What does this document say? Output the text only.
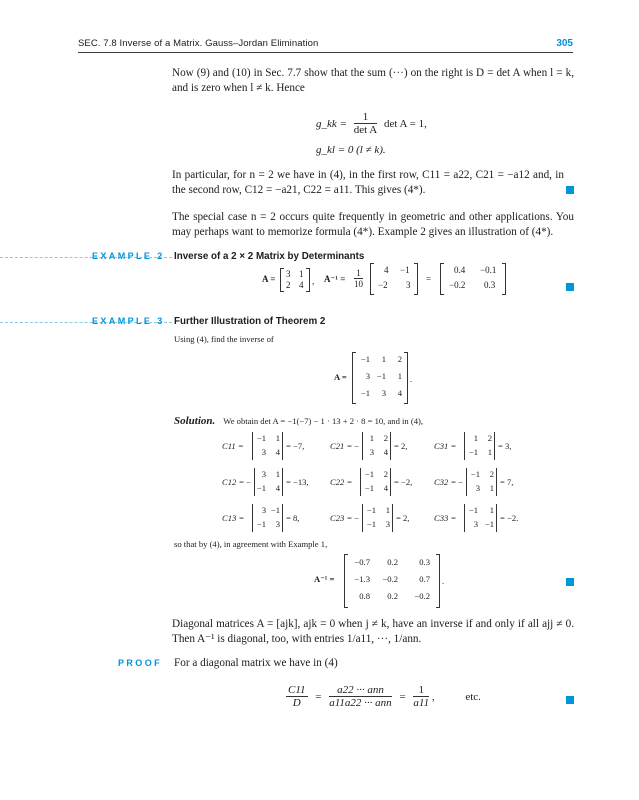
SEC. 7.8 Inverse of a Matrix. Gauss–Jordan Elimination	305
Now (9) and (10) in Sec. 7.7 show that the sum (···) on the right is D = det A when l = k, and is zero when l ≠ k. Hence
g_kk = $\frac{1}{\text{det A}}$ det A = 1,
g_kl = 0 (l ≠ k).
In particular, for n = 2 we have in (4), in the first row, C11 = a22, C21 = −a12 and, in the second row, C12 = −a21, C22 = a11. This gives (4*).
The special case n = 2 occurs quite frequently in geometric and other applications. You may perhaps want to memorize formula (4*). Example 2 gives an illustration of (4*).
EXAMPLE 2 Inverse of a 2 × 2 Matrix by Determinants
A = 3 1
2 4 , $A^{-1} = \frac{1}{10} 4 -1$
−2 3
=
0.4 −0.1
−0.2 0.3
EXAMPLE 3 Further Illustration of Theorem 2
Using (4), find the inverse of
A =
−1	1	2
3 −1	1
−1	3	4
.
Solution. We obtain det A = −1(−7) − 1 · 13 + 2 · 8 = 10, and in (4),
C11 =
−1	1
3	4
= −7,	C21 = −
1	2
3	4
= 2,	C31 =
1	2
−1	1
= 3,
C12 = −
3	1
−1	4
= −13, C22 =
−1	2
−1	4
= −2,	C32 = −
−1	2
3	1
= 7,
C13 =
3 −1
−1	3
= 8,	C23 = −
−1	1
−1	3
= 2,	C33 =
−1	1
3 −1
= −2.
so that by (4), in agreement with Example 1,
A⁻¹ =
−0.7	0.2	0.3
−1.3	−0.2	0.7
0.8	0.2	−0.2
.
Diagonal matrices A = [ajk], ajk = 0 when j ≠ k, have an inverse if and only if all ajj ≠ 0. Then A⁻¹ is diagonal, too, with entries 1/a11, ···, 1/ann.
PROOF For a diagonal matrix we have in (4)
$\frac{C11}{D} = \frac{\text{a22 ··· ann}}{\text{a11a22 ··· ann}} = \frac{1}{a11}$ ,	etc.
